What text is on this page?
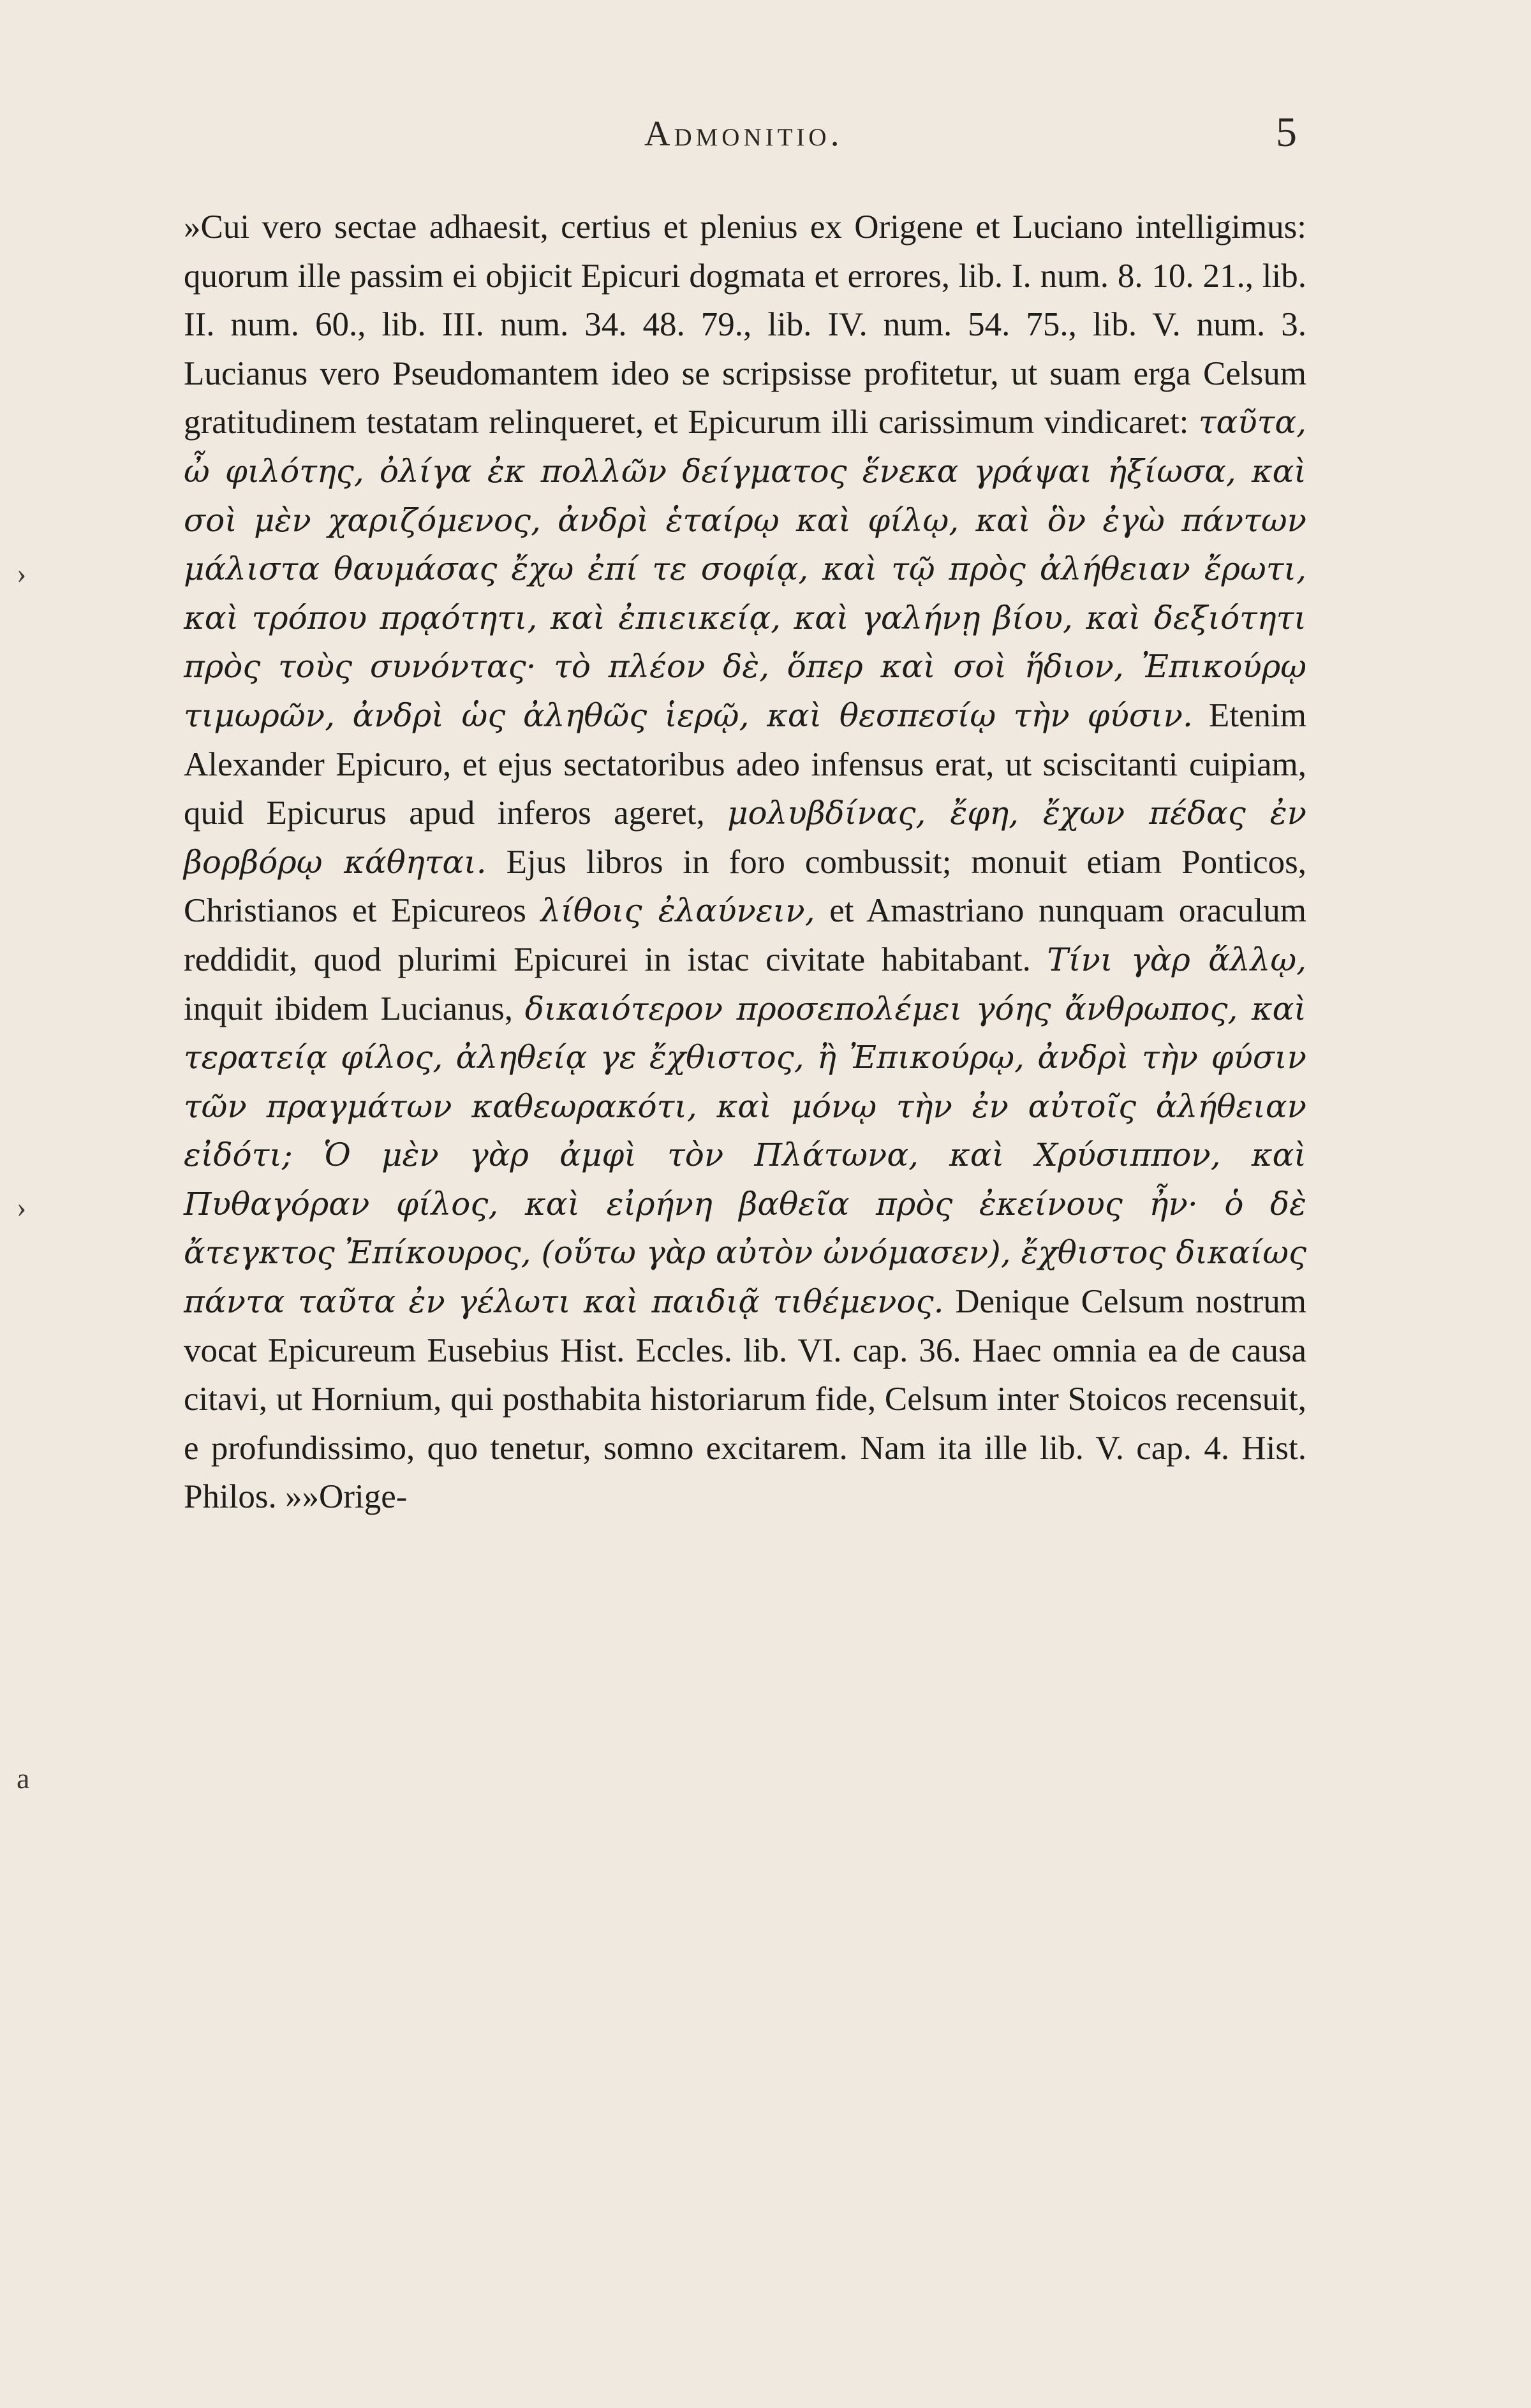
Admonitio.	5
›
›
a

»Cui vero sectae adhaesit, certius et plenius ex Origene et Luciano intelligimus: quorum ille passim ei objicit Epicuri dogmata et errores, lib. I. num. 8. 10. 21., lib. II. num. 60., lib. III. num. 34. 48. 79., lib. IV. num. 54. 75., lib. V. num. 3. Lucianus vero Pseudomantem ideo se scripsisse profitetur, ut suam erga Celsum gratitudinem testatam relinqueret, et Epicurum illi carissimum vindicaret: ταῦτα, ὦ φιλότης, ὀλίγα ἐκ πολλῶν δείγματος ἕνεκα γράψαι ἠξίωσα, καὶ σοὶ μὲν χαριζόμενος, ἀνδρὶ ἑταίρῳ καὶ φίλῳ, καὶ ὃν ἐγὼ πάντων μάλιστα θαυμάσας ἔχω ἐπί τε σοφίᾳ, καὶ τῷ πρὸς ἀλήθειαν ἔρωτι, καὶ τρόπου πρᾳότητι, καὶ ἐπιεικείᾳ, καὶ γαλήνῃ βίου, καὶ δεξιότητι πρὸς τοὺς συνόντας· τὸ πλέον δὲ, ὅπερ καὶ σοὶ ἥδιον, Ἐπικούρῳ τιμωρῶν, ἀνδρὶ ὡς ἀληθῶς ἱερῷ, καὶ θεσπεσίῳ τὴν φύσιν. Etenim Alexander Epicuro, et ejus sectatoribus adeo infensus erat, ut sciscitanti cuipiam, quid Epicurus apud inferos ageret, μολυβδίνας, ἔφη, ἔχων πέδας ἐν βορβόρῳ κάθηται. Ejus libros in foro combussit; monuit etiam Ponticos, Christianos et Epicureos λίθοις ἐλαύνειν, et Amastriano nunquam oraculum reddidit, quod plurimi Epicurei in istac civitate habitabant. Τίνι γὰρ ἄλλῳ, inquit ibidem Lucianus, δικαιότερον προσεπολέμει γόης ἄνθρωπος, καὶ τερατείᾳ φίλος, ἀληθείᾳ γε ἔχθιστος, ἢ Ἐπικούρῳ, ἀνδρὶ τὴν φύσιν τῶν πραγμάτων καθεωρακότι, καὶ μόνῳ τὴν ἐν αὐτοῖς ἀλήθειαν εἰδότι; Ὁ μὲν γὰρ ἀμφὶ τὸν Πλάτωνα, καὶ Χρύσιππον, καὶ Πυθαγόραν φίλος, καὶ εἰρήνη βαθεῖα πρὸς ἐκείνους ἦν· ὁ δὲ ἄτεγκτος Ἐπίκουρος, (οὕτω γὰρ αὐτὸν ὠνόμασεν), ἔχθιστος δικαίως πάντα ταῦτα ἐν γέλωτι καὶ παιδιᾷ τιθέμενος. Denique Celsum nostrum vocat Epicureum Eusebius Hist. Eccles. lib. VI. cap. 36. Haec omnia ea de causa citavi, ut Hornium, qui posthabita historiarum fide, Celsum inter Stoicos recensuit, e profundissimo, quo tenetur, somno excitarem. Nam ita ille lib. V. cap. 4. Hist. Philos. »»Orige-
